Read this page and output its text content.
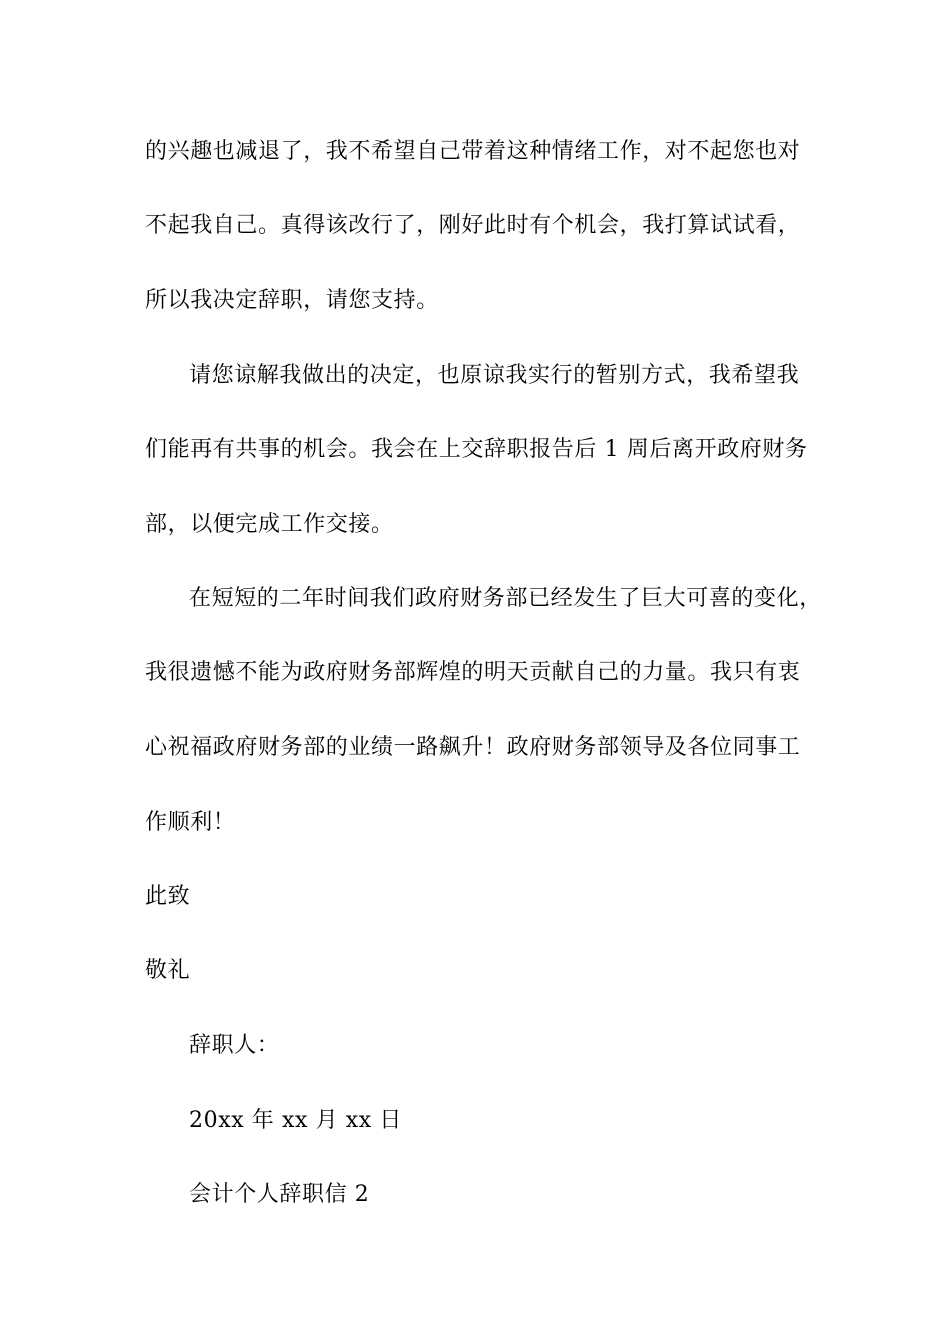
的兴趣也减退了，我不希望自己带着这种情绪工作，对不起您也对
不起我自己。真得该改行了，刚好此时有个机会，我打算试试看，
所以我决定辞职，请您支持。
请您谅解我做出的决定，也原谅我实行的暂别方式，我希望我
们能再有共事的机会。我会在上交辞职报告后 1 周后离开政府财务
部，以便完成工作交接。
在短短的二年时间我们政府财务部已经发生了巨大可喜的变化，
我很遗憾不能为政府财务部辉煌的明天贡献自己的力量。我只有衷
心祝福政府财务部的业绩一路飙升！政府财务部领导及各位同事工
作顺利！
此致
敬礼
辞职人：
20xx 年 xx 月 xx 日
会计个人辞职信 2
